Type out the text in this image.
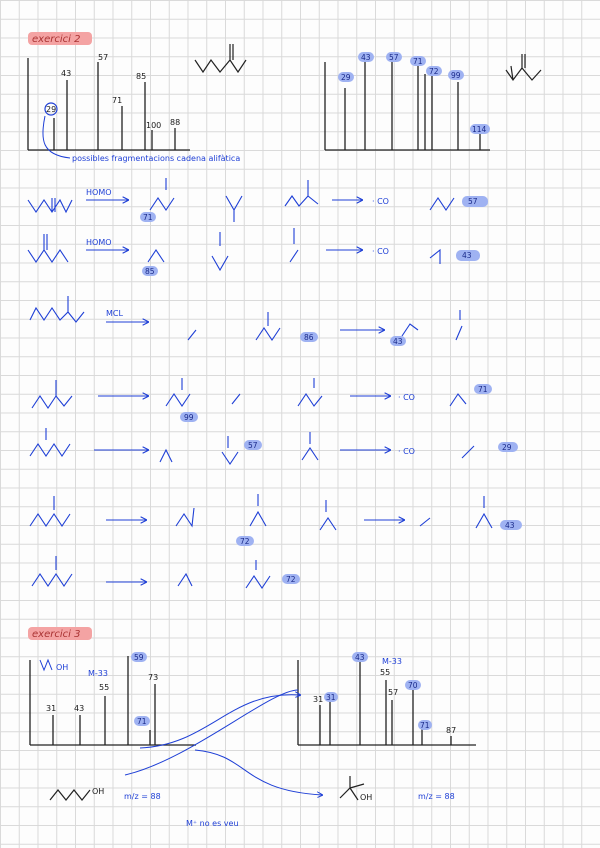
exercici 2
29
43
57
71
85
100 88
possibles fragmentacions cadena alifàtica
29
43 57 71
72 99
114
HOMO
71
· CO	57
HOMO
85
· CO	43
MCL
86	43
99
· CO
71
57
· CO	29
72
43
72
exercici 3
OH
31 43
M-33
55
59
73
71
31 31
43
55
M-33
57
70
71
87
OH
m/z = 88	OH	m/z = 88
M⁺ no es veu
